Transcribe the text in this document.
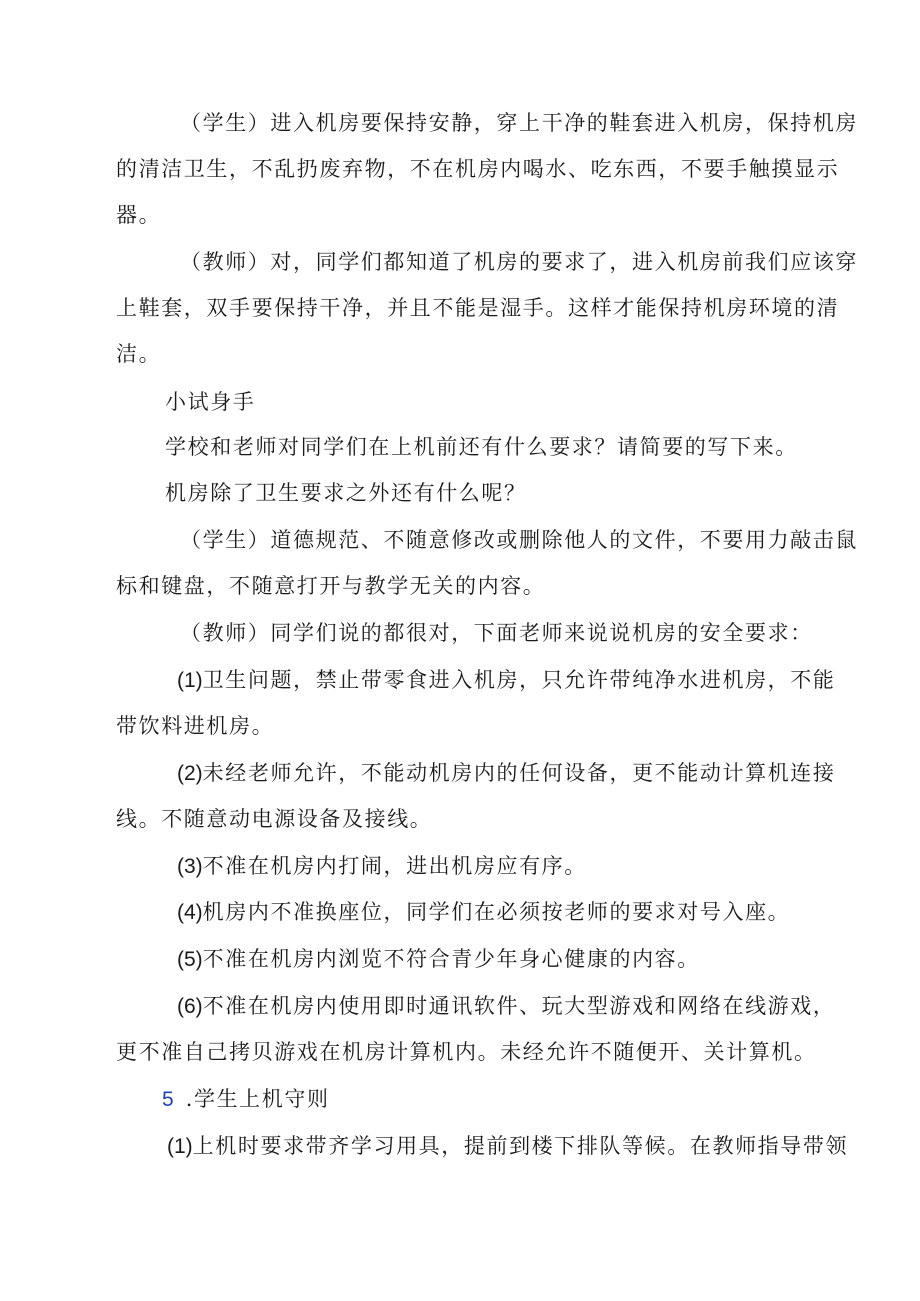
（学生）进入机房要保持安静，穿上干净的鞋套进入机房，保持机房
的清洁卫生，不乱扔废弃物，不在机房内喝水、吃东西，不要手触摸显示
器。
（教师）对，同学们都知道了机房的要求了，进入机房前我们应该穿
上鞋套，双手要保持干净，并且不能是湿手。这样才能保持机房环境的清
洁。
小试身手
学校和老师对同学们在上机前还有什么要求？请简要的写下来。
机房除了卫生要求之外还有什么呢？
（学生）道德规范、不随意修改或删除他人的文件，不要用力敲击鼠
标和键盘，不随意打开与教学无关的内容。
（教师）同学们说的都很对，下面老师来说说机房的安全要求：
(1)卫生问题，禁止带零食进入机房，只允许带纯净水进机房，不能
带饮料进机房。
(2)未经老师允许，不能动机房内的任何设备，更不能动计算机连接
线。不随意动电源设备及接线。
(3)不准在机房内打闹，进出机房应有序。
(4)机房内不准换座位，同学们在必须按老师的要求对号入座。
(5)不准在机房内浏览不符合青少年身心健康的内容。
(6)不准在机房内使用即时通讯软件、玩大型游戏和网络在线游戏，
更不准自己拷贝游戏在机房计算机内。未经允许不随便开、关计算机。
5 .学生上机守则
(1)上机时要求带齐学习用具，提前到楼下排队等候。在教师指导带领
